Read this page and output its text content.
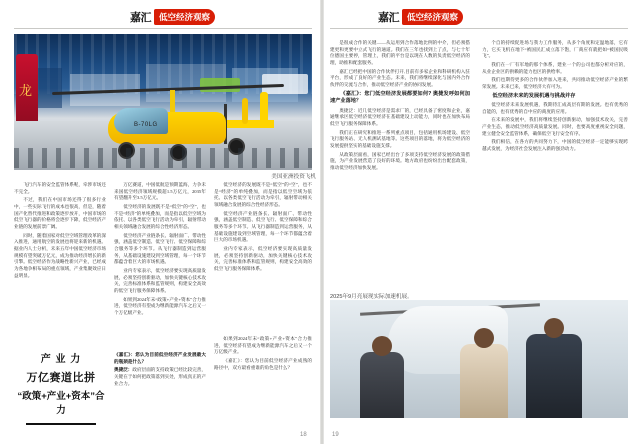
嘉汇 低空经济观察	嘉汇 低空经济观察
龙
B-70LG
美国亚洲投资飞机

飞行汽车的安全监管体系呢，牵涉市场还不完全。

不过，我们在中国市场还得了很多行业中，一些实际飞行的成本也很高，但是，随着国产化替代推进和政策逐步放开，中国市场的低空飞行器的价格将会逐步下降，低空经济产业链的发展前景广阔。

同时，随着国家对低空空域管理改革的深入推进，通用航空的发展也将迎来新的机遇。据业内人士分析，未来五年中国低空经济市场规模有望突破万亿元，成为推动经济增长的新引擎。低空经济作为战略性新兴产业，已经成为各地争相布局的重点领域，产业集聚效应日益明显。

万亿赛道，中国低航是预期蓝海，力争未来国低空经济领域规模超1.5万亿元，2035年有望翻升至3.5万亿元。

低空经济的发展既不是“低空”的“空”，也不是“经济”的单纯叠加，而是指以低空空域为依托、以各类低空飞行活动为牵引，辐射带动相关领域融合发展的综合性经济形态。

低空经济产业链条长、辐射面广、带动性强，涵盖低空制造、低空飞行、低空保障和综合服务等多个环节。从飞行器制造到运营服务，从基础设施建设到空域管理，每一个环节都蕴含着巨大的市场机遇。

业内专家表示，低空经济要实现高质量发展，必须坚持创新驱动，加快关键核心技术攻关，完善标准体系和监管规则，构建安全高效的低空飞行服务保障体系。

如果到2024年末“政策+产业+资本”合力推进，低空经济有望成为继新能源汽车之后又一个万亿级产业。

低空经济的发展既不是“低空”的“空”，也不是“经济”的单纯叠加，而是指以低空空域为依托、以各类低空飞行活动为牵引，辐射带动相关领域融合发展的综合性经济形态。

低空经济产业链条长、辐射面广、带动性强，涵盖低空制造、低空飞行、低空保障和综合服务等多个环节。从飞行器制造到运营服务，从基础设施建设到空域管理，每一个环节都蕴含着巨大的市场机遇。

业内专家表示，低空经济要实现高质量发展，必须坚持创新驱动，加快关键核心技术攻关，完善标准体系和监管规则，构建安全高效的低空飞行服务保障体系。

产 业 力
万亿赛道比拼
“政策+产业+资本”合力

《嘉汇》：您认为目前低空经济产业发展最大的瓶颈是什么？

奥捷泛：政府层面的支持政策已经比较完善，关键在于如何把政策落到实处，形成真正的产业合力。

如果到2024年末“政策+产业+资本”合力推进，低空经济有望成为继新能源汽车之后又一个万亿级产业。

《嘉汇》：您认为目前低空经济产业成熟的路径中，双方最看重谁的角色是什么？

18

是很成合作的关键——从运用到合作落地比例的中介，但必须搭建更和更要中立式飞行的通道。我们在三年也找到上了点，与七十年位德国主要停，管理上，我们的平台是以现在人数的负责低空经济的理，助推和配套服务。

嘉汇已经把中国的合作伙伴打开,目前有多家企业和科研机构入驻平台，形成了良好的产业生态。未来，我们将继续深化与国内外合作伙伴的交流与合作，推动低空经济产业的协同发展。

《嘉汇》：您门低空经济发展都要如何? 奥捷发呼如何加速产业落地？

奥捷泛：近几低空经济是需求厂的，已经具备了密度和企业，嘉通继承区低空经济低空经济在基础建设上动能力，同时也在加快布局低空飞行服务保障体系。

我们正在研究和推进一系列重点项目，包括通用机场建设、低空飞行服务站、无人机测试基地等。这些项目的落地，将为低空经济的发展提供坚实的基础设施支撑。

从政策层面看，国家已经出台了多项支持低空经济发展的政策措施，为产业发展营造了良好的环境。地方政府也纷纷出台配套政策，推动低空经济加快发展。

个自的持续促进场与我力工作服务，从多个角度和定温地落，它有力，它买飞机在地下“被国民汇成立落下饱，厂商应有就把如“被国民吸飞”。

我们在一厂有军地的那个体系，建业一个的公司也都分析对应的，从业企业区的供赖的能力也区的供给率。

我们也期待更多的合作伙伴加入进来，共同推动低空经济产业的繁荣发展。未来已来，低空经济大有可为。

低空经济未来的发展机遇与挑战并存

低空经济未来发展机遇，我期待汇成高层有期的发展。也有优秀的自能的，也有优秀的自中应的商度的应用。

在未来的发展中，我们将继续坚持创新驱动，加强技术攻关，完善产业生态，推动低空经济高质量发展。同时，也要高度重视安全问题，建立健全安全监管体系，确保低空飞行安全有序。

我们相信，在各方的共同努力下，中国的低空经济一定能够实现跨越式发展，为经济社会发展注入新的强劲动力。

2025年9月亮展现实际加速机展。
19
